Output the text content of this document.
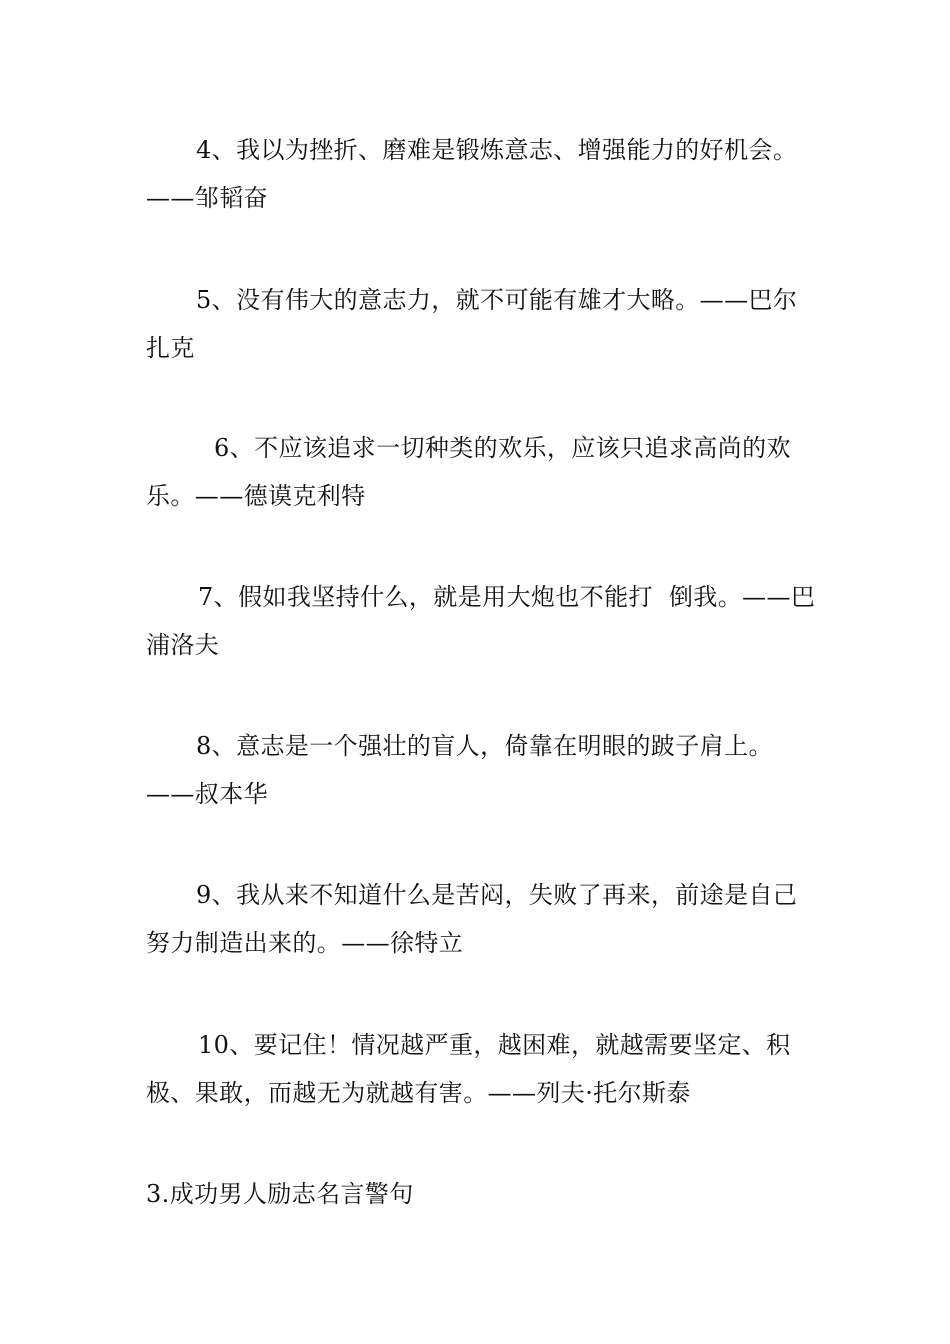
4、我以为挫折、磨难是锻炼意志、增强能力的好机会。——邹韬奋

5、没有伟大的意志力，就不可能有雄才大略。——巴尔扎克

6、不应该追求一切种类的欢乐，应该只追求高尚的欢乐。——德谟克利特

7、假如我坚持什么，就是用大炮也不能打  倒我。——巴浦洛夫

8、意志是一个强壮的盲人，倚靠在明眼的跛子肩上。——叔本华

9、我从来不知道什么是苦闷，失败了再来，前途是自己努力制造出来的。——徐特立

10、要记住！情况越严重，越困难，就越需要坚定、积极、果敢，而越无为就越有害。——列夫·托尔斯泰

3.成功男人励志名言警句
